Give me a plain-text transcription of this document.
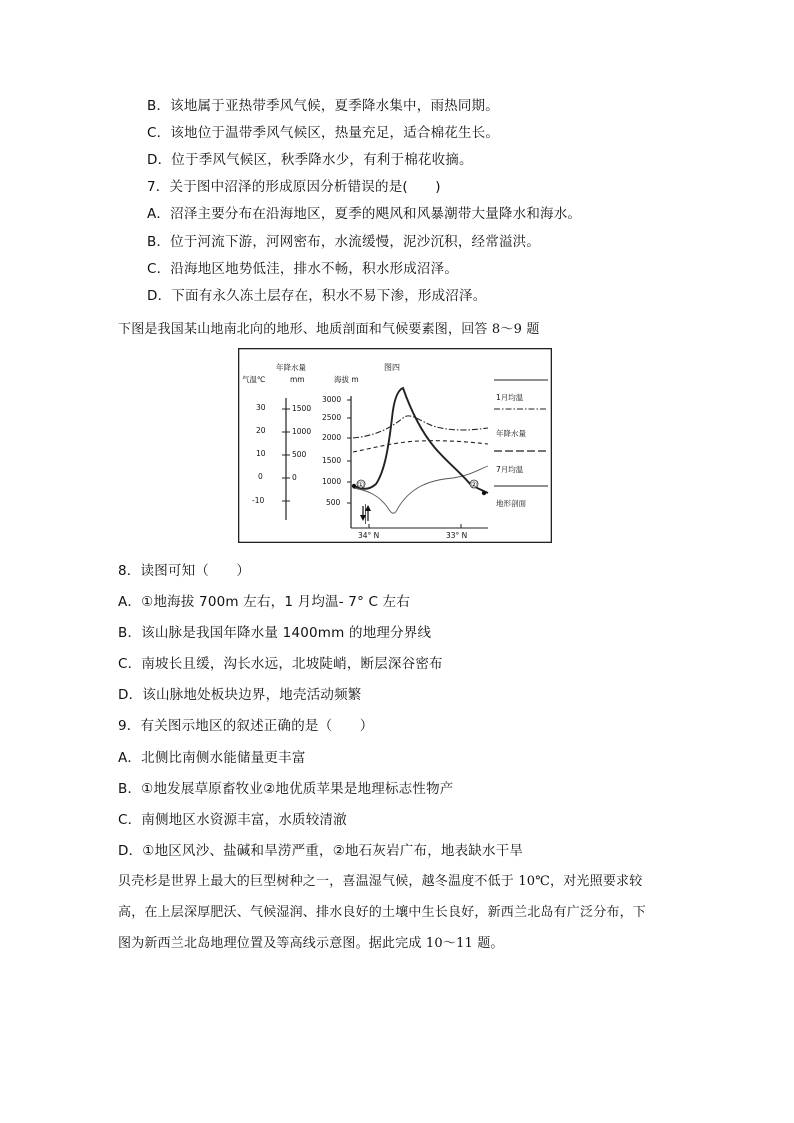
B．该地属于亚热带季风气候，夏季降水集中，雨热同期。
C．该地位于温带季风气候区，热量充足，适合棉花生长。
D．位于季风气候区，秋季降水少，有利于棉花收摘。
7．关于图中沼泽的形成原因分析错误的是(　　)
A．沼泽主要分布在沿海地区，夏季的飓风和风暴潮带大量降水和海水。
B．位于河流下游，河网密布，水流缓慢，泥沙沉积，经常溢洪。
C．沿海地区地势低洼，排水不畅，积水形成沼泽。
D．下面有永久冻土层存在，积水不易下渗，形成沼泽。
下图是我国某山地南北向的地形、地质剖面和气候要素图，回答 8～9 题
气温℃
年降水量
mm	海拔 m
图四
30
20
10
0
-10
1500
1000
500
0
3000
2500
2000
1500
1000
500
34° N	33° N
①	②
1月均温
年降水量
7月均温
地形剖面
8．读图可知（　　）
A．①地海拔 700m 左右，1 月均温- 7° C 左右
B．该山脉是我国年降水量 1400mm 的地理分界线
C．南坡长且缓，沟长水远，北坡陡峭，断层深谷密布
D．该山脉地处板块边界，地壳活动频繁
9．有关图示地区的叙述正确的是（　　）
A．北侧比南侧水能储量更丰富
B．①地发展草原畜牧业②地优质苹果是地理标志性物产
C．南侧地区水资源丰富，水质较清澈
D．①地区风沙、盐碱和旱涝严重，②地石灰岩广布，地表缺水干旱
贝壳杉是世界上最大的巨型树种之一，喜温湿气候，越冬温度不低于 10℃，对光照要求较
高，在上层深厚肥沃、气候湿润、排水良好的土壤中生长良好，新西兰北岛有广泛分布，下
图为新西兰北岛地理位置及等高线示意图。据此完成 10～11 题。
